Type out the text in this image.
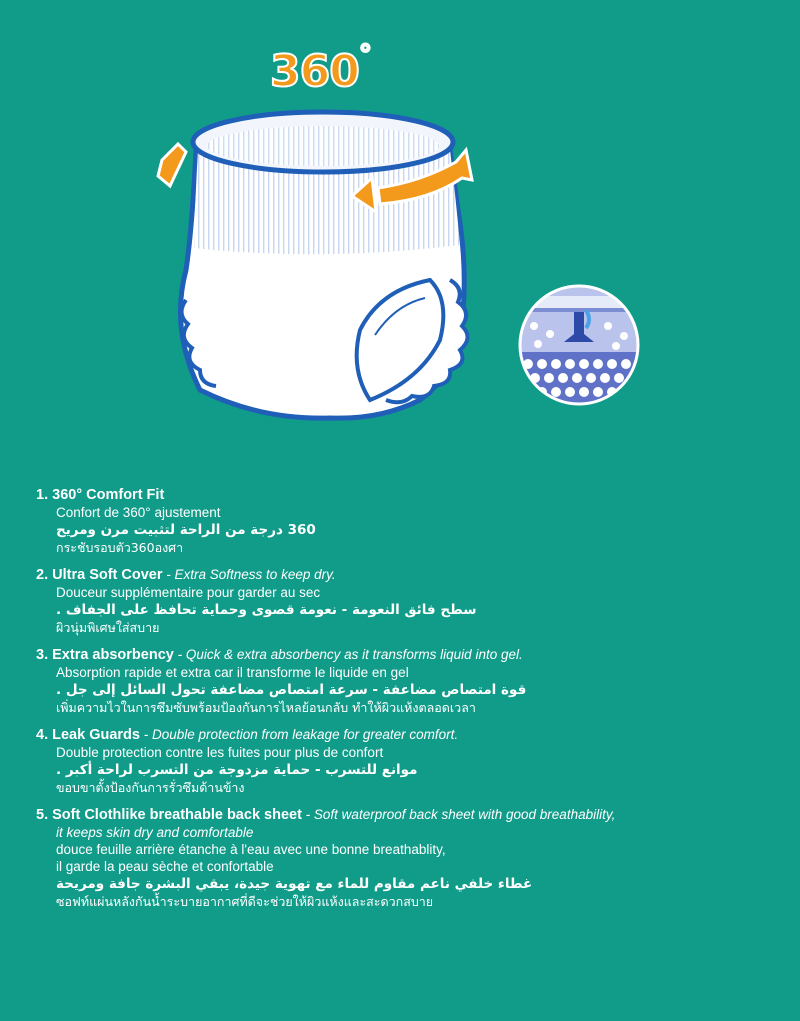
360°
1. 360° Comfort Fit
Confort de 360° ajustement
360 درجة من الراحة لتثبيت مرن ومريح
กระชับรอบตัว360องศา
2. Ultra Soft Cover - Extra Softness to keep dry.
Douceur supplémentaire pour garder au sec
سطح فائق النعومة - نعومة قصوى وحماية تحافظ على الجفاف .
ผิวนุ่มพิเศษใส่สบาย
3. Extra absorbency - Quick & extra absorbency as it transforms liquid into gel.
Absorption rapide et extra car il transforme le liquide en gel
قوة امتصاص مضاعفة - سرعة امتصاص مضاعفة تحول السائل إلى جل .
เพิ่มความไวในการซึมซับพร้อมป้องกันการไหลย้อนกลับ ทำให้ผิวแห้งตลอดเวลา
4. Leak Guards - Double protection from leakage for greater comfort.
Double protection contre les fuites pour plus de confort
موانع للتسرب - حماية مزدوجة من التسرب لراحة أكبر .
ขอบขาตั้งป้องกันการรั่วซึมด้านข้าง
5. Soft Clothlike breathable back sheet - Soft waterproof back sheet with good breathability,
it keeps skin dry and comfortable
douce feuille arrière étanche à l'eau avec une bonne breathablity,
il garde la peau sèche et confortable
غطاء خلفي ناعم مقاوم للماء مع تهوية جيدة، يبقي البشرة جافة ومريحة
ซอฟท์แผ่นหลังกันน้ำระบายอากาศที่ดีจะช่วยให้ผิวแห้งและสะดวกสบาย
